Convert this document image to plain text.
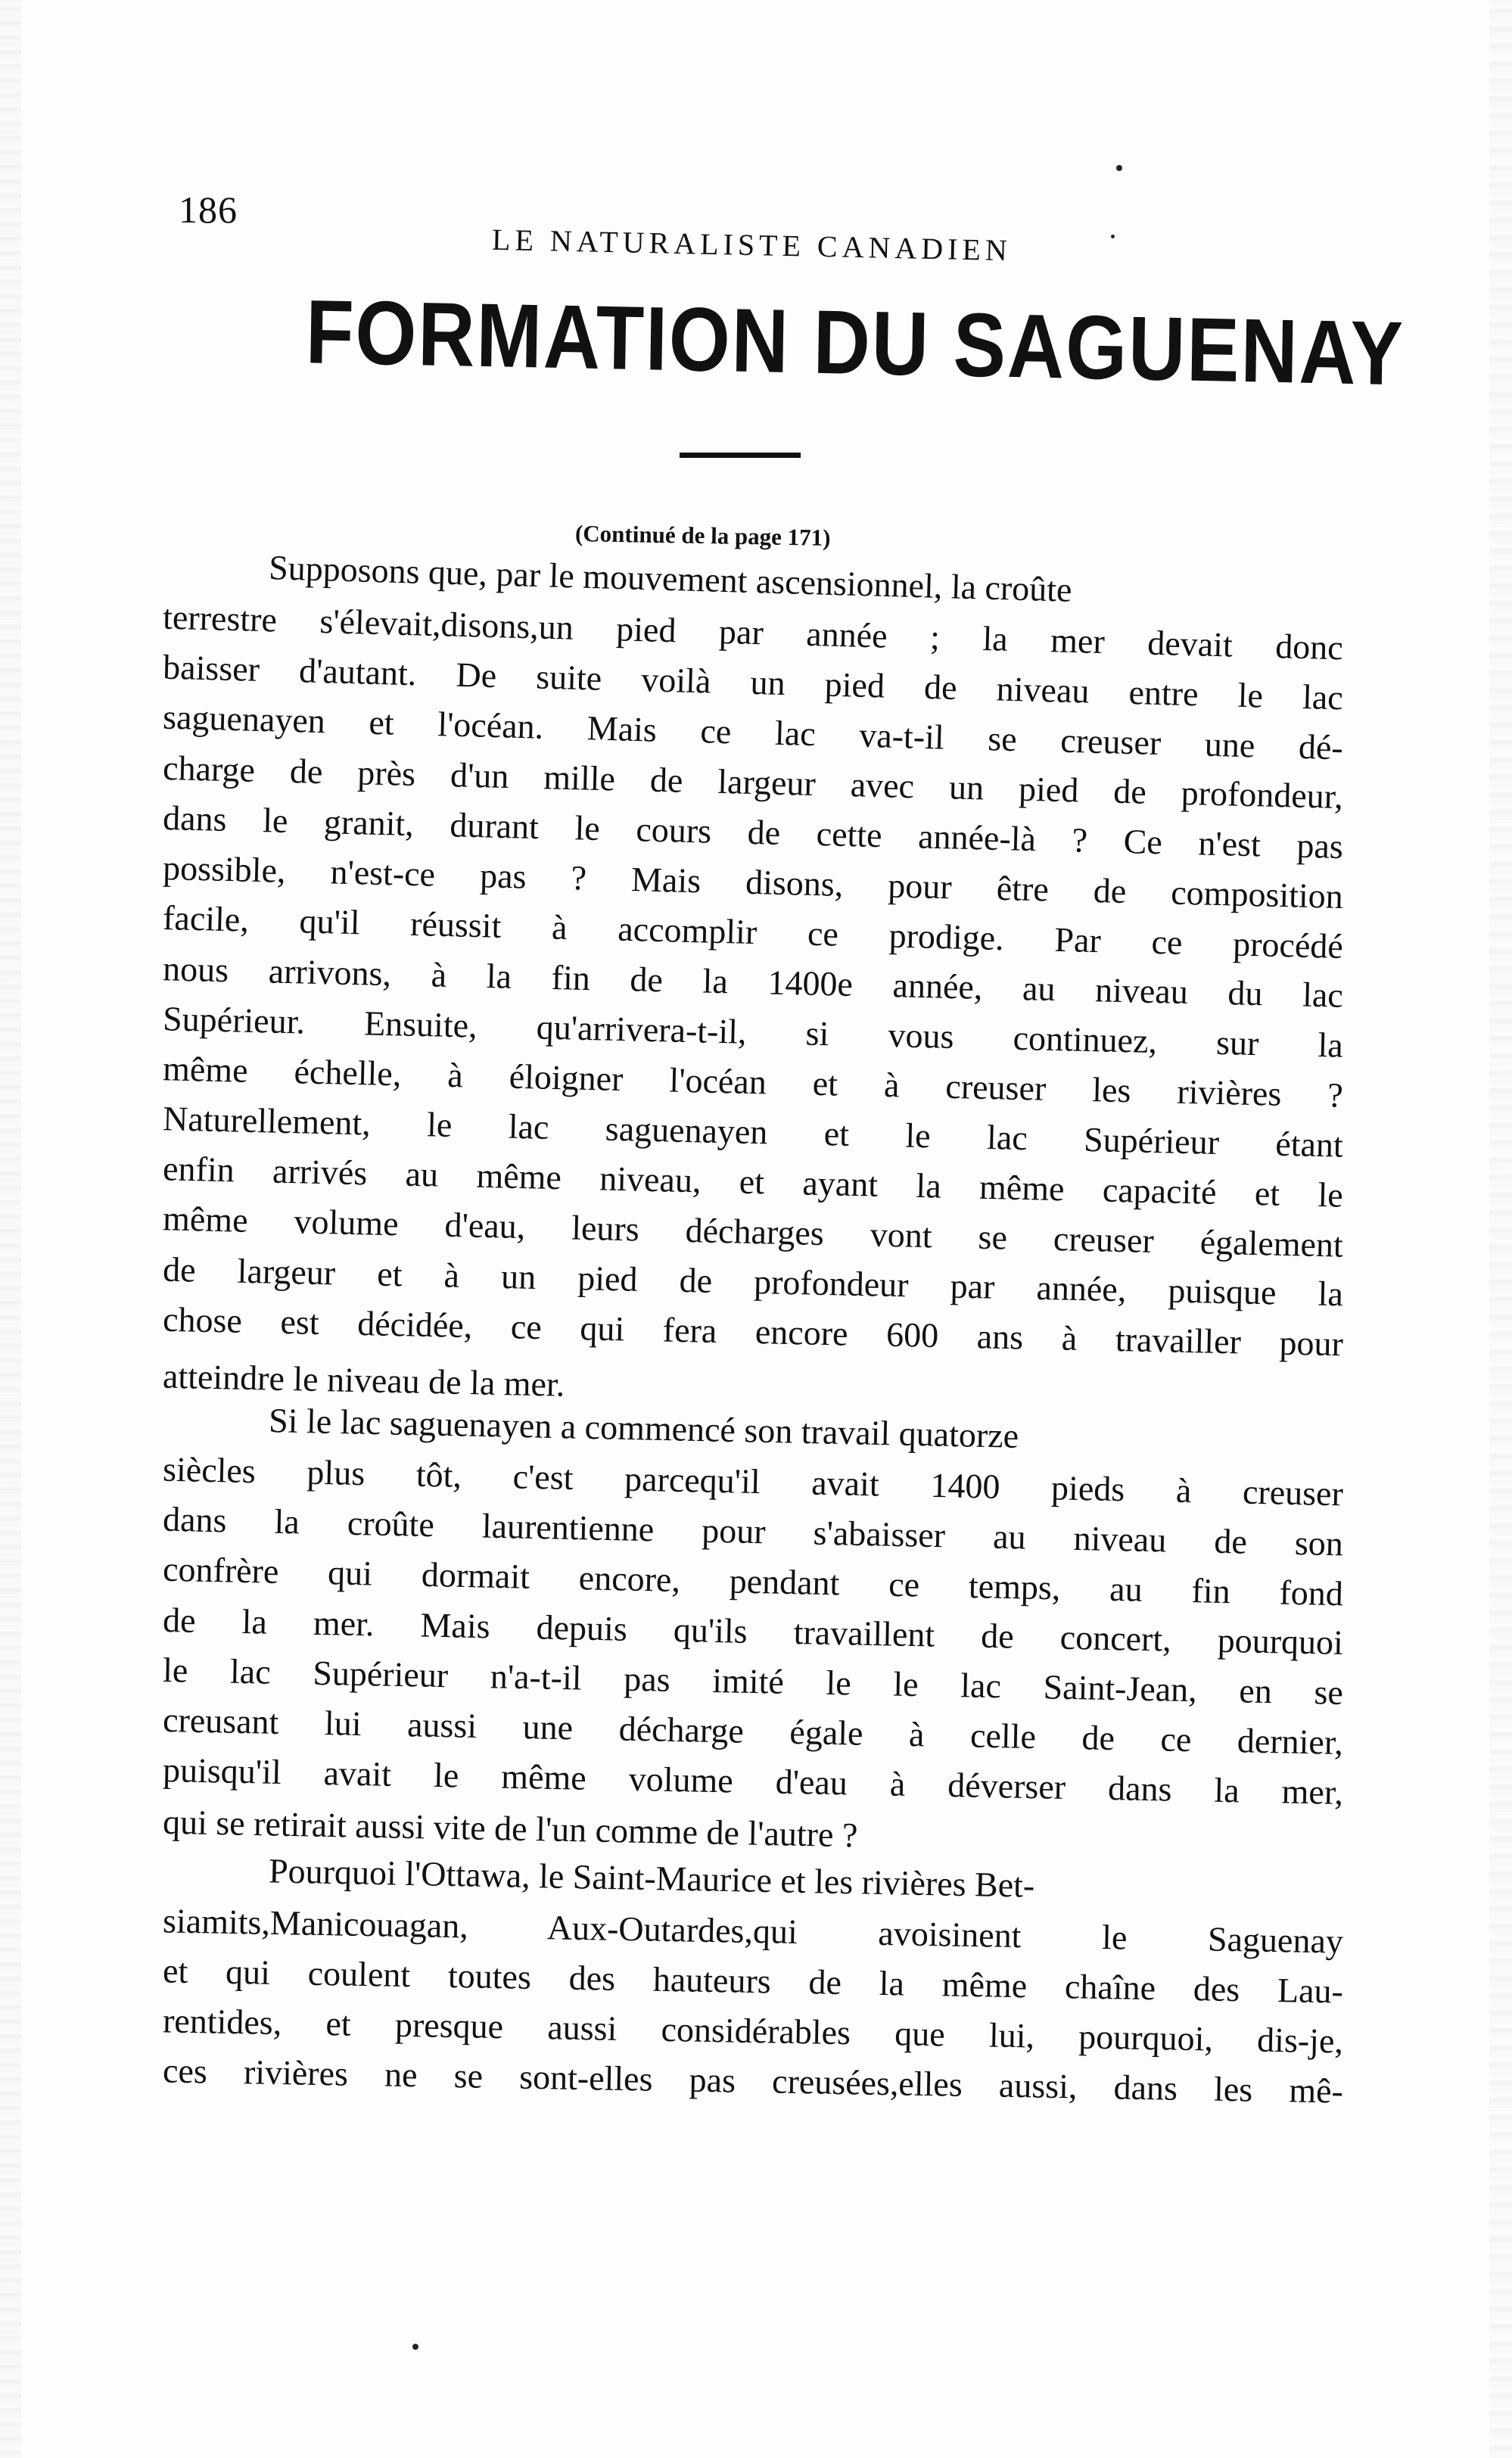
186
LE NATURALISTE CANADIEN
FORMATION DU SAGUENAY
(Continué de la page 171)
Supposons que, par le mouvement ascensionnel, la croûte
terrestre s'élevait,disons,un pied par année ; la mer devait donc
baisser d'autant. De suite voilà un pied de niveau entre le lac
saguenayen et l'océan. Mais ce lac va-t-il se creuser une dé-
charge de près d'un mille de largeur avec un pied de profondeur,
dans le granit, durant le cours de cette année-là ? Ce n'est pas
possible, n'est-ce pas ? Mais disons, pour être de composition
facile, qu'il réussit à accomplir ce prodige. Par ce procédé
nous arrivons, à la fin de la 1400e année, au niveau du lac
Supérieur. Ensuite, qu'arrivera-t-il, si vous continuez, sur la
même échelle, à éloigner l'océan et à creuser les rivières ?
Naturellement, le lac saguenayen et le lac Supérieur étant
enfin arrivés au même niveau, et ayant la même capacité et le
même volume d'eau, leurs décharges vont se creuser également
de largeur et à un pied de profondeur par année, puisque la
chose est décidée, ce qui fera encore 600 ans à travailler pour
atteindre le niveau de la mer.
Si le lac saguenayen a commencé son travail quatorze
siècles plus tôt, c'est parcequ'il avait 1400 pieds à creuser
dans la croûte laurentienne pour s'abaisser au niveau de son
confrère qui dormait encore, pendant ce temps, au fin fond
de la mer. Mais depuis qu'ils travaillent de concert, pourquoi
le lac Supérieur n'a-t-il pas imité le le lac Saint-Jean, en se
creusant lui aussi une décharge égale à celle de ce dernier,
puisqu'il avait le même volume d'eau à déverser dans la mer,
qui se retirait aussi vite de l'un comme de l'autre ?
Pourquoi l'Ottawa, le Saint-Maurice et les rivières Bet-
siamits,Manicouagan, Aux-Outardes,qui avoisinent le Saguenay
et qui coulent toutes des hauteurs de la même chaîne des Lau-
rentides, et presque aussi considérables que lui, pourquoi, dis-je,
ces rivières ne se sont-elles pas creusées,elles aussi, dans les mê-
